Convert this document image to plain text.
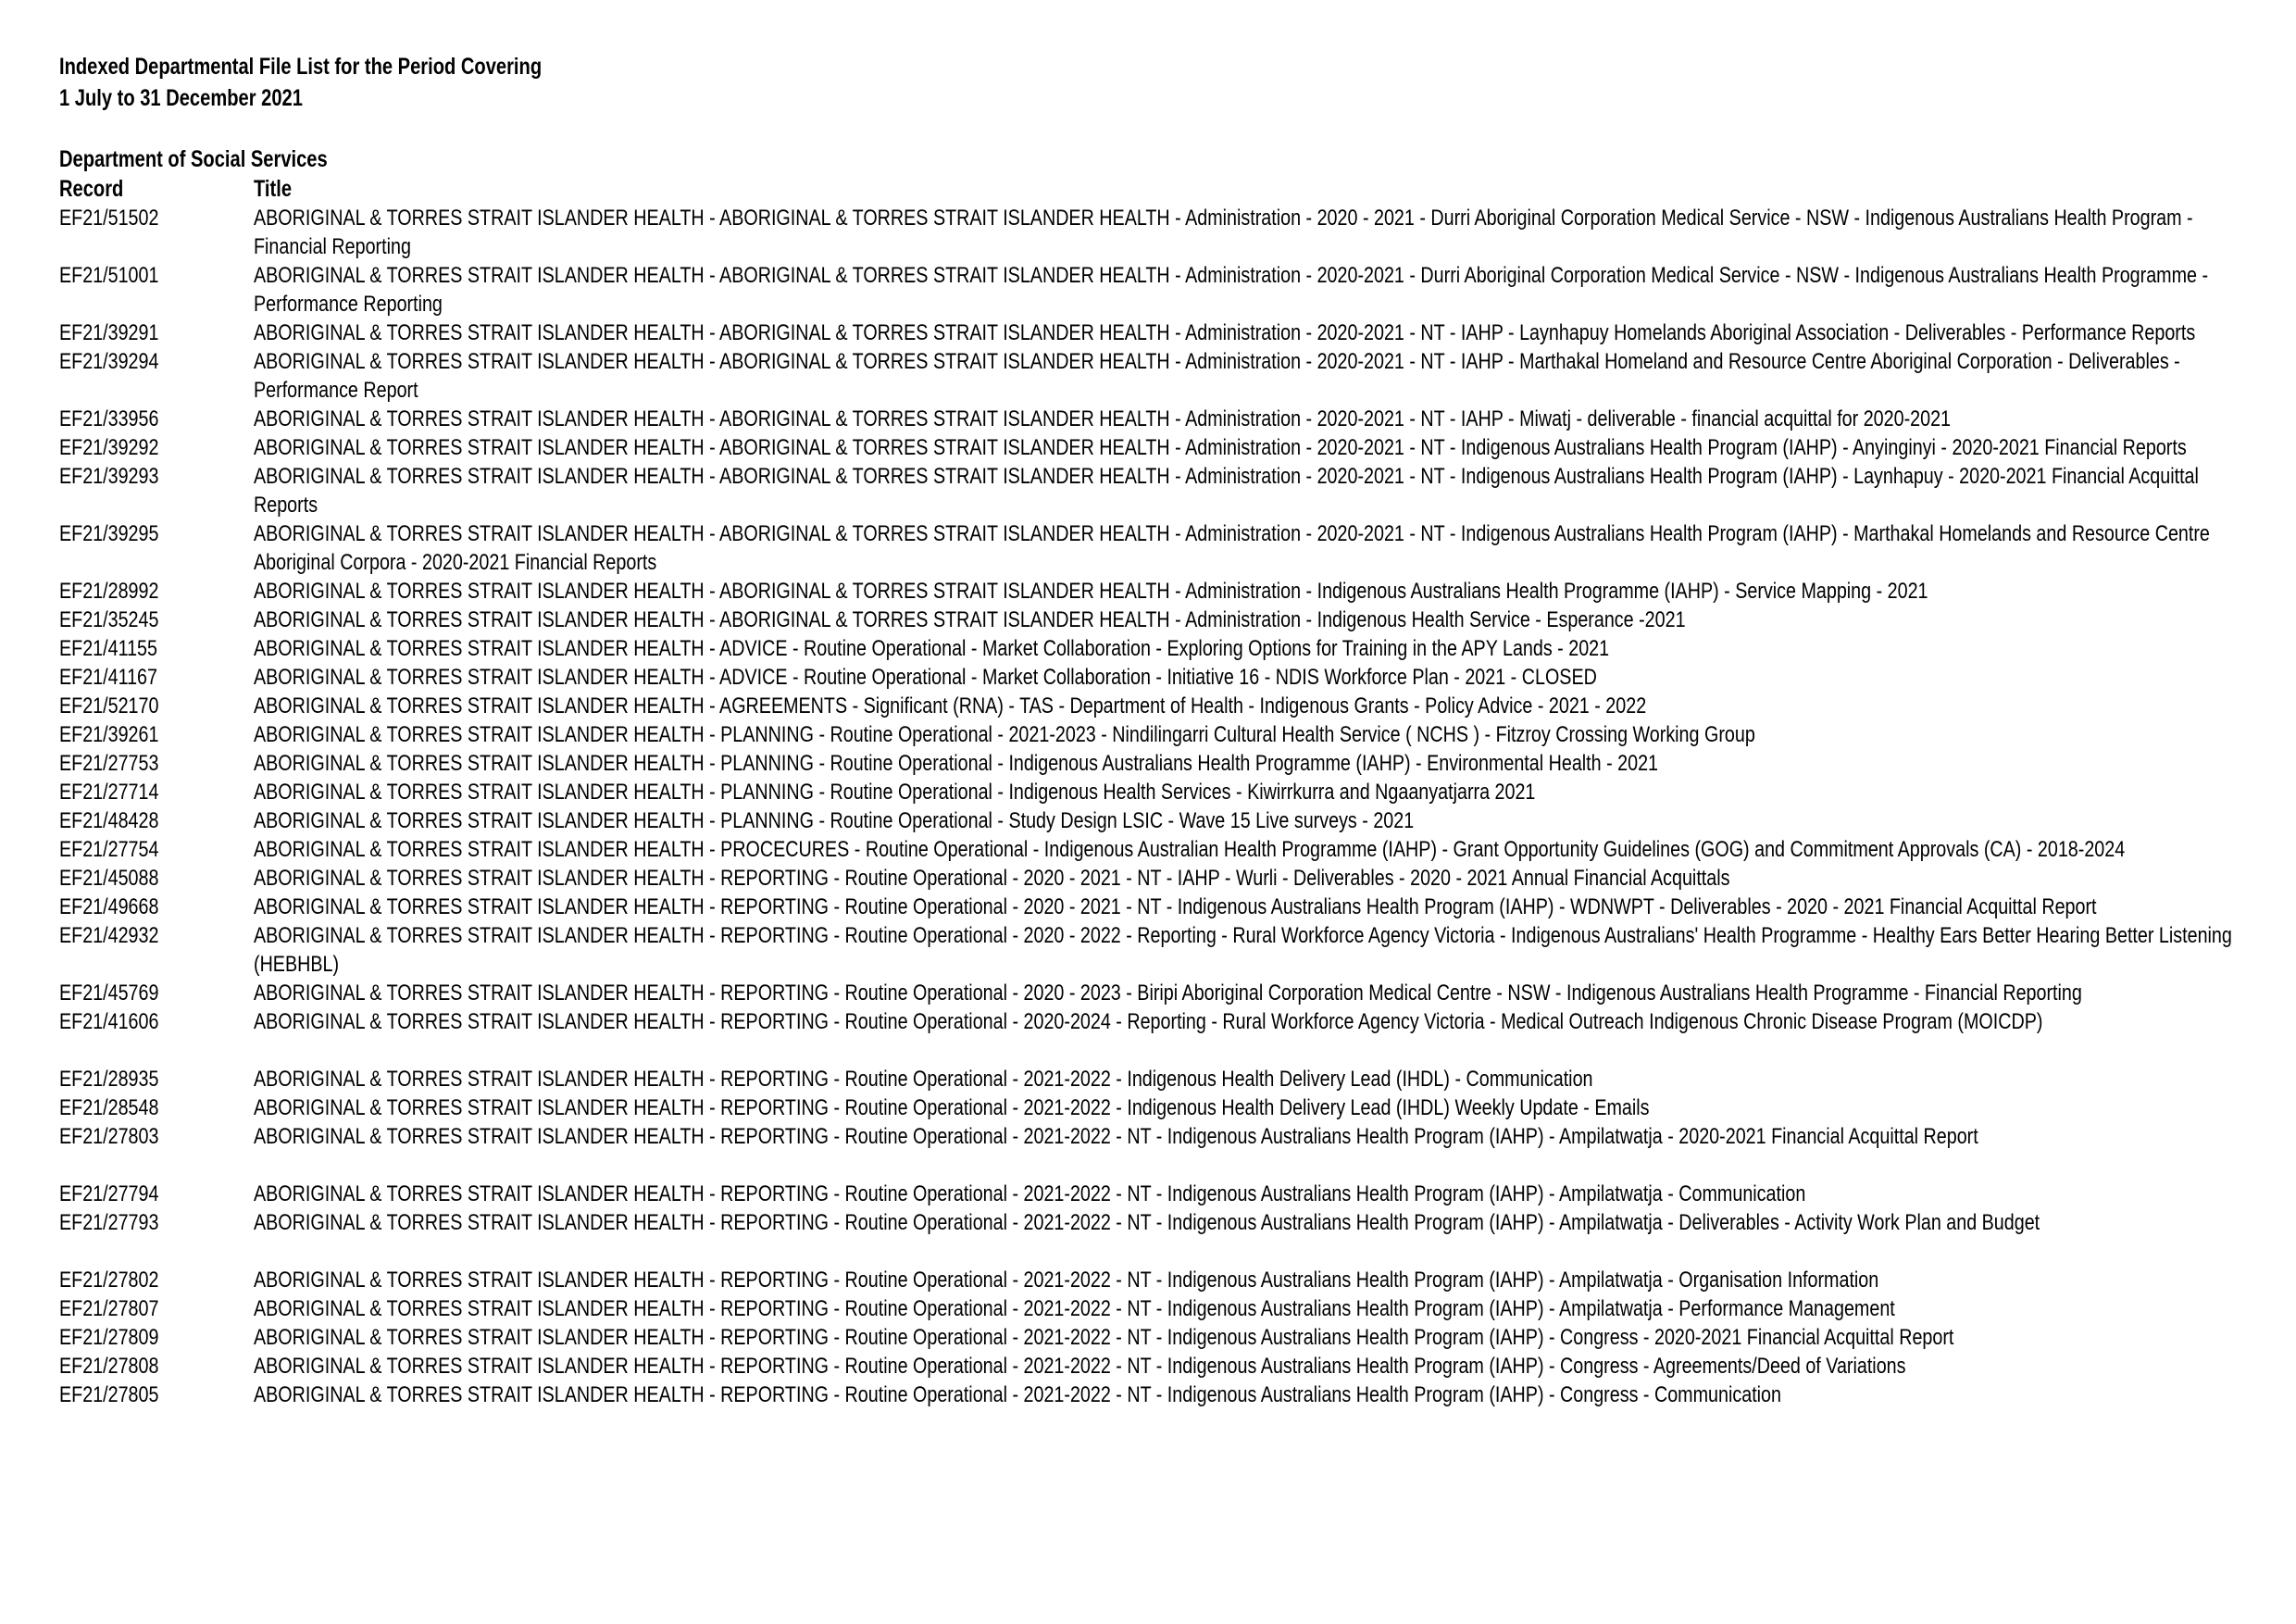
Indexed Departmental File List for the Period Covering
1 July to 31 December 2021
Department of Social Services
Record	Title
EF21/51502	ABORIGINAL & TORRES STRAIT ISLANDER HEALTH - ABORIGINAL & TORRES STRAIT ISLANDER HEALTH - Administration - 2020 - 2021 - Durri Aboriginal Corporation Medical Service - NSW - Indigenous Australians Health Program - Financial Reporting

EF21/51001	ABORIGINAL & TORRES STRAIT ISLANDER HEALTH - ABORIGINAL & TORRES STRAIT ISLANDER HEALTH - Administration - 2020-2021 - Durri Aboriginal Corporation Medical Service - NSW - Indigenous Australians Health Programme - Performance Reporting

EF21/39291	ABORIGINAL & TORRES STRAIT ISLANDER HEALTH - ABORIGINAL & TORRES STRAIT ISLANDER HEALTH - Administration - 2020-2021 - NT - IAHP - Laynhapuy Homelands Aboriginal Association - Deliverables - Performance Reports

EF21/39294	ABORIGINAL & TORRES STRAIT ISLANDER HEALTH - ABORIGINAL & TORRES STRAIT ISLANDER HEALTH - Administration - 2020-2021 - NT - IAHP - Marthakal Homeland and Resource Centre Aboriginal Corporation - Deliverables - Performance Report

EF21/33956	ABORIGINAL & TORRES STRAIT ISLANDER HEALTH - ABORIGINAL & TORRES STRAIT ISLANDER HEALTH - Administration - 2020-2021 - NT - IAHP - Miwatj - deliverable - financial acquittal for 2020-2021

EF21/39292	ABORIGINAL & TORRES STRAIT ISLANDER HEALTH - ABORIGINAL & TORRES STRAIT ISLANDER HEALTH - Administration - 2020-2021 - NT - Indigenous Australians Health Program (IAHP) - Anyinginyi - 2020-2021 Financial Reports

EF21/39293	ABORIGINAL & TORRES STRAIT ISLANDER HEALTH - ABORIGINAL & TORRES STRAIT ISLANDER HEALTH - Administration - 2020-2021 - NT - Indigenous Australians Health Program (IAHP) - Laynhapuy - 2020-2021 Financial Acquittal Reports

EF21/39295	ABORIGINAL & TORRES STRAIT ISLANDER HEALTH - ABORIGINAL & TORRES STRAIT ISLANDER HEALTH - Administration - 2020-2021 - NT - Indigenous Australians Health Program (IAHP) - Marthakal Homelands and Resource Centre Aboriginal Corpora - 2020-2021 Financial Reports

EF21/28992	ABORIGINAL & TORRES STRAIT ISLANDER HEALTH - ABORIGINAL & TORRES STRAIT ISLANDER HEALTH - Administration - Indigenous Australians Health Programme (IAHP) - Service Mapping - 2021

EF21/35245	ABORIGINAL & TORRES STRAIT ISLANDER HEALTH - ABORIGINAL & TORRES STRAIT ISLANDER HEALTH - Administration - Indigenous Health Service - Esperance -2021

EF21/41155	ABORIGINAL & TORRES STRAIT ISLANDER HEALTH - ADVICE - Routine Operational - Market Collaboration - Exploring Options for Training in the APY Lands - 2021

EF21/41167	ABORIGINAL & TORRES STRAIT ISLANDER HEALTH - ADVICE - Routine Operational - Market Collaboration - Initiative 16 - NDIS Workforce Plan - 2021 - CLOSED

EF21/52170	ABORIGINAL & TORRES STRAIT ISLANDER HEALTH - AGREEMENTS - Significant (RNA) - TAS - Department of Health - Indigenous Grants - Policy Advice - 2021 - 2022

EF21/39261	ABORIGINAL & TORRES STRAIT ISLANDER HEALTH - PLANNING - Routine Operational - 2021-2023 - Nindilingarri Cultural Health Service ( NCHS ) - Fitzroy Crossing Working Group

EF21/27753	ABORIGINAL & TORRES STRAIT ISLANDER HEALTH - PLANNING - Routine Operational - Indigenous Australians Health Programme (IAHP) - Environmental Health - 2021

EF21/27714	ABORIGINAL & TORRES STRAIT ISLANDER HEALTH - PLANNING - Routine Operational - Indigenous Health Services - Kiwirrkurra and Ngaanyatjarra 2021

EF21/48428	ABORIGINAL & TORRES STRAIT ISLANDER HEALTH - PLANNING - Routine Operational - Study Design LSIC - Wave 15 Live surveys - 2021

EF21/27754	ABORIGINAL & TORRES STRAIT ISLANDER HEALTH - PROCECURES - Routine Operational - Indigenous Australian Health Programme (IAHP) - Grant Opportunity Guidelines (GOG) and Commitment Approvals (CA) - 2018-2024

EF21/45088	ABORIGINAL & TORRES STRAIT ISLANDER HEALTH - REPORTING - Routine Operational - 2020 - 2021 - NT - IAHP - Wurli - Deliverables - 2020 - 2021 Annual Financial Acquittals

EF21/49668	ABORIGINAL & TORRES STRAIT ISLANDER HEALTH - REPORTING - Routine Operational - 2020 - 2021 - NT - Indigenous Australians Health Program (IAHP) - WDNWPT - Deliverables - 2020 - 2021 Financial Acquittal Report

EF21/42932	ABORIGINAL & TORRES STRAIT ISLANDER HEALTH - REPORTING - Routine Operational - 2020 - 2022 - Reporting - Rural Workforce Agency Victoria - Indigenous Australians' Health Programme - Healthy Ears Better Hearing Better Listening (HEBHBL)

EF21/45769	ABORIGINAL & TORRES STRAIT ISLANDER HEALTH - REPORTING - Routine Operational - 2020 - 2023 - Biripi Aboriginal Corporation Medical Centre - NSW - Indigenous Australians Health Programme - Financial Reporting

EF21/41606	ABORIGINAL & TORRES STRAIT ISLANDER HEALTH - REPORTING - Routine Operational - 2020-2024 - Reporting - Rural Workforce Agency Victoria - Medical Outreach Indigenous Chronic Disease Program (MOICDP)

EF21/28935	ABORIGINAL & TORRES STRAIT ISLANDER HEALTH - REPORTING - Routine Operational - 2021-2022 - Indigenous Health Delivery Lead (IHDL) - Communication

EF21/28548	ABORIGINAL & TORRES STRAIT ISLANDER HEALTH - REPORTING - Routine Operational - 2021-2022 - Indigenous Health Delivery Lead (IHDL) Weekly Update - Emails

EF21/27803	ABORIGINAL & TORRES STRAIT ISLANDER HEALTH - REPORTING - Routine Operational - 2021-2022 - NT - Indigenous Australians Health Program (IAHP) - Ampilatwatja - 2020-2021 Financial Acquittal Report

EF21/27794	ABORIGINAL & TORRES STRAIT ISLANDER HEALTH - REPORTING - Routine Operational - 2021-2022 - NT - Indigenous Australians Health Program (IAHP) - Ampilatwatja - Communication

EF21/27793	ABORIGINAL & TORRES STRAIT ISLANDER HEALTH - REPORTING - Routine Operational - 2021-2022 - NT - Indigenous Australians Health Program (IAHP) - Ampilatwatja - Deliverables - Activity Work Plan and Budget

EF21/27802	ABORIGINAL & TORRES STRAIT ISLANDER HEALTH - REPORTING - Routine Operational - 2021-2022 - NT - Indigenous Australians Health Program (IAHP) - Ampilatwatja - Organisation Information

EF21/27807	ABORIGINAL & TORRES STRAIT ISLANDER HEALTH - REPORTING - Routine Operational - 2021-2022 - NT - Indigenous Australians Health Program (IAHP) - Ampilatwatja - Performance Management

EF21/27809	ABORIGINAL & TORRES STRAIT ISLANDER HEALTH - REPORTING - Routine Operational - 2021-2022 - NT - Indigenous Australians Health Program (IAHP) - Congress - 2020-2021 Financial Acquittal Report

EF21/27808	ABORIGINAL & TORRES STRAIT ISLANDER HEALTH - REPORTING - Routine Operational - 2021-2022 - NT - Indigenous Australians Health Program (IAHP) - Congress - Agreements/Deed of Variations

EF21/27805	ABORIGINAL & TORRES STRAIT ISLANDER HEALTH - REPORTING - Routine Operational - 2021-2022 - NT - Indigenous Australians Health Program (IAHP) - Congress - Communication
